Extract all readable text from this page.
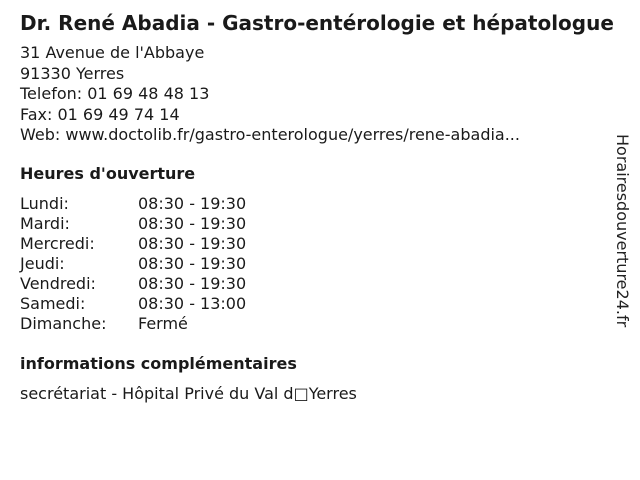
Dr. René Abadia - Gastro-entérologie et hépatologue
31 Avenue de l'Abbaye
91330 Yerres
Telefon: 01 69 48 48 13
Fax: 01 69 49 74 14
Web: www.doctolib.fr/gastro-enterologue/yerres/rene-abadia...
Heures d'ouverture
Lundi:	08:30 - 19:30
Mardi:	08:30 - 19:30
Mercredi:	08:30 - 19:30
Jeudi:	08:30 - 19:30
Vendredi:	08:30 - 19:30
Samedi:	08:30 - 13:00
Dimanche:	Fermé
informations complémentaires
secrétariat - Hôpital Privé du Val d□Yerres
Horairesdouverture24.fr
